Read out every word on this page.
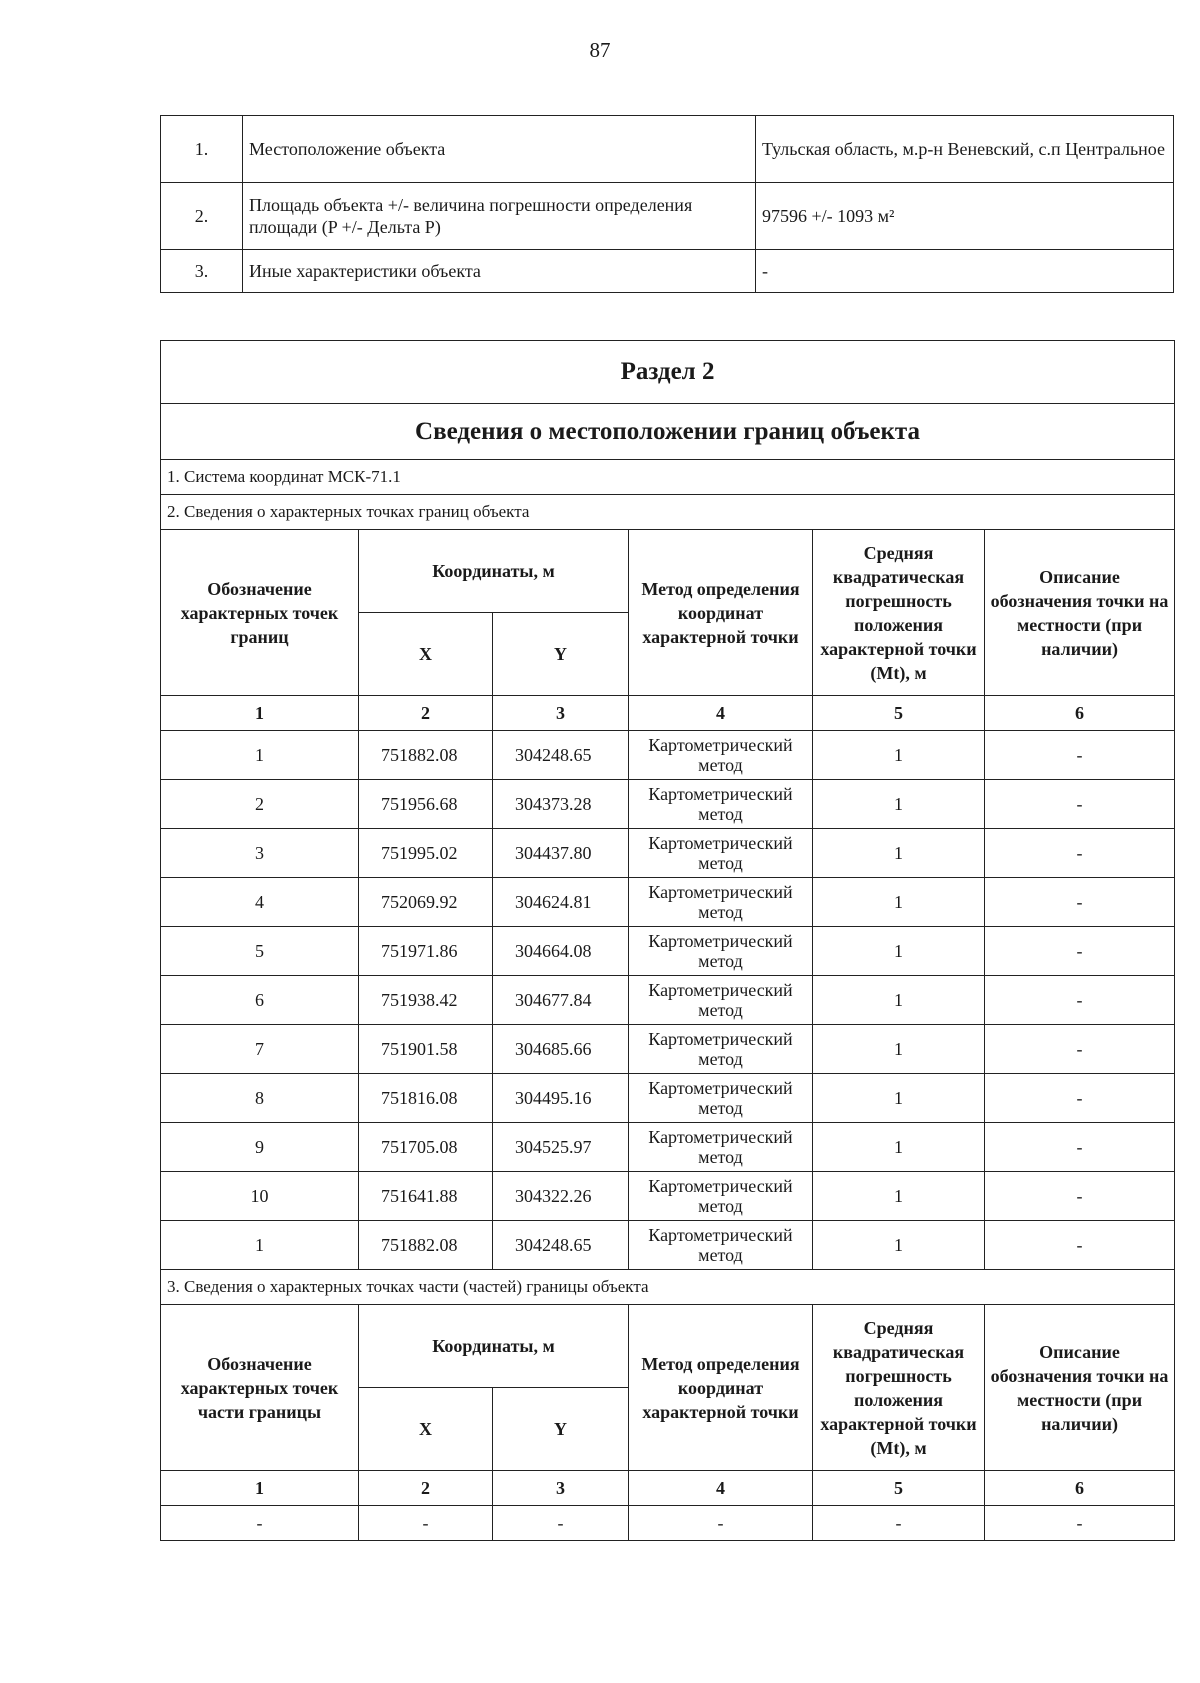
87
1.	Местоположение объекта	Тульская область, м.р-н Веневский, с.п Центральное
2.	Площадь объекта +/- величина погрешности определения площади (P +/- Дельта P)	97596 +/- 1093 м²
3.	Иные характеристики объекта	-
Раздел 2					
Сведения о местоположении границ объекта					
1. Система координат МСК-71.1					
2. Сведения о характерных точках границ объекта					
Обозначение характерных точек границ	Координаты, м		Метод определения координат характерной точки	Средняя квадратическая погрешность положения характерной точки (Mt), м	Описание обозначения точки на местности (при наличии)
	X	Y			
1	2	3	4	5	6
1	751882.08	304248.65	Картометрический метод	1	-
2	751956.68	304373.28	Картометрический метод	1	-
3	751995.02	304437.80	Картометрический метод	1	-
4	752069.92	304624.81	Картометрический метод	1	-
5	751971.86	304664.08	Картометрический метод	1	-
6	751938.42	304677.84	Картометрический метод	1	-
7	751901.58	304685.66	Картометрический метод	1	-
8	751816.08	304495.16	Картометрический метод	1	-
9	751705.08	304525.97	Картометрический метод	1	-
10	751641.88	304322.26	Картометрический метод	1	-
1	751882.08	304248.65	Картометрический метод	1	-
3. Сведения о характерных точках части (частей) границы объекта					
Обозначение характерных точек части границы	Координаты, м		Метод определения координат характерной точки	Средняя квадратическая погрешность положения характерной точки (Mt), м	Описание обозначения точки на местности (при наличии)
	X	Y			
1	2	3	4	5	6
-	-	-	-	-	-
